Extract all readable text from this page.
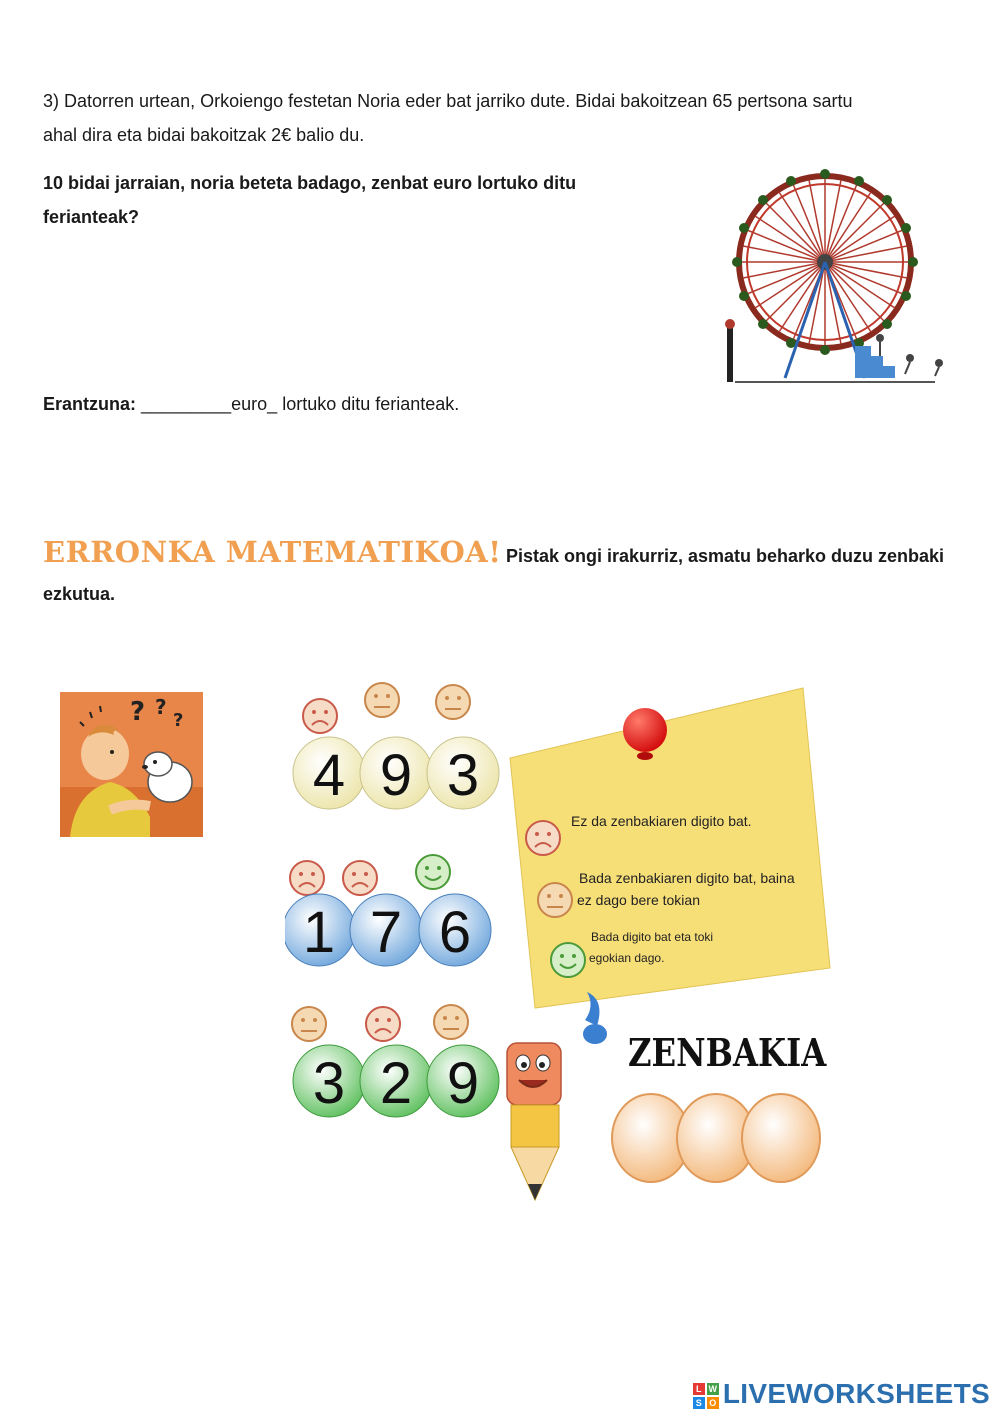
3) Datorren urtean, Orkoiengo festetan Noria eder bat jarriko dute. Bidai bakoitzean 65 pertsona sartu
ahal dira eta bidai bakoitzak 2€ balio du.
10 bidai jarraian, noria beteta badago, zenbat euro lortuko ditu
ferianteak?
Erantzuna: _________euro_ lortuko ditu ferianteak.
ERRONKA MATEMATIKOA! Pistak ongi irakurriz, asmatu beharko duzu zenbaki
ezkutua.
? ?
?
4 9 3
1 7 6
3 2 9
Ez da zenbakiaren digito bat.
Bada zenbakiaren digito bat, baina
ez dago bere tokian
Bada digito bat eta toki
egokian dago.
ZENBAKIA
L W
S O LIVEWORKSHEETS
